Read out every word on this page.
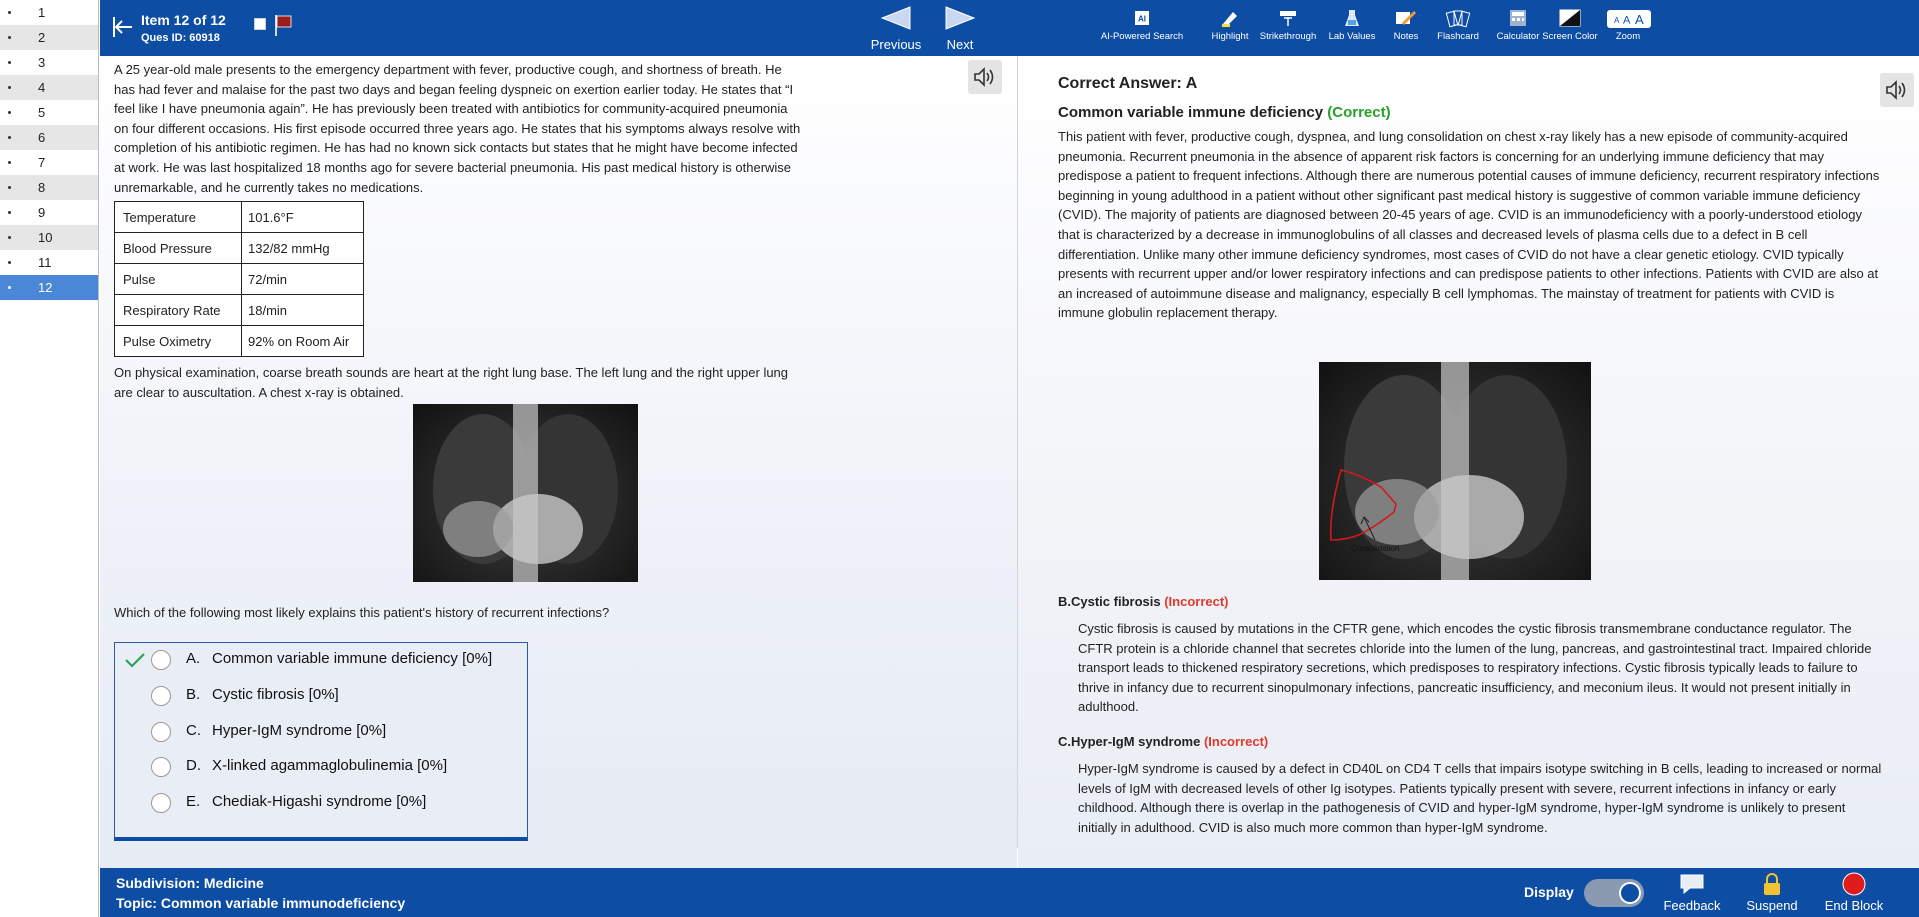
1
2
3
4
5
6
7
8
9
10
11
12
Item 12 of 12
Ques ID: 60918	Previous	Next
AI
AI-Powered Search	Highlight	Strikethrough	Lab Values	Notes	Flashcard	Calculator Screen Color
A A A
Zoom
A 25 year-old male presents to the emergency department with fever, productive cough, and shortness of breath. He has had fever and malaise for the past two days and began feeling dyspneic on exertion earlier today. He states that “I feel like I have pneumonia again”. He has previously been treated with antibiotics for community-acquired pneumonia on four different occasions. His first episode occurred three years ago. He states that his symptoms always resolve with completion of his antibiotic regimen. He has had no known sick contacts but states that he might have become infected at work. He was last hospitalized 18 months ago for severe bacterial pneumonia. His past medical history is otherwise unremarkable, and he currently takes no medications.
Temperature	101.6°F
Blood Pressure	132/82 mmHg
Pulse	72/min
Respiratory Rate	18/min
Pulse Oximetry	92% on Room Air
On physical examination, coarse breath sounds are heart at the right lung base. The left lung and the right upper lung are clear to auscultation. A chest x-ray is obtained.
Which of the following most likely explains this patient's history of recurrent infections?
A. Common variable immune deficiency [0%]
B. Cystic fibrosis [0%]
C. Hyper-IgM syndrome [0%]
D. X-linked agammaglobulinemia [0%]
E. Chediak-Higashi syndrome [0%]
Correct Answer: A
Common variable immune deficiency (Correct)
This patient with fever, productive cough, dyspnea, and lung consolidation on chest x-ray likely has a new episode of community-acquired pneumonia. Recurrent pneumonia in the absence of apparent risk factors is concerning for an underlying immune deficiency that may predispose a patient to frequent infections. Although there are numerous potential causes of immune deficiency, recurrent respiratory infections beginning in young adulthood in a patient without other significant past medical history is suggestive of common variable immune deficiency (CVID). The majority of patients are diagnosed between 20-45 years of age. CVID is an immunodeficiency with a poorly-understood etiology that is characterized by a decrease in immunoglobulins of all classes and decreased levels of plasma cells due to a defect in B cell differentiation. Unlike many other immune deficiency syndromes, most cases of CVID do not have a clear genetic etiology. CVID typically presents with recurrent upper and/or lower respiratory infections and can predispose patients to other infections. Patients with CVID are also at an increased of autoimmune disease and malignancy, especially B cell lymphomas. The mainstay of treatment for patients with CVID is immune globulin replacement therapy.
Consolidation
B.Cystic fibrosis (Incorrect)
Cystic fibrosis is caused by mutations in the CFTR gene, which encodes the cystic fibrosis transmembrane conductance regulator. The CFTR protein is a chloride channel that secretes chloride into the lumen of the lung, pancreas, and gastrointestinal tract. Impaired chloride transport leads to thickened respiratory secretions, which predisposes to respiratory infections. Cystic fibrosis typically leads to failure to thrive in infancy due to recurrent sinopulmonary infections, pancreatic insufficiency, and meconium ileus. It would not present initially in adulthood.
C.Hyper-IgM syndrome (Incorrect)
Hyper-IgM syndrome is caused by a defect in CD40L on CD4 T cells that impairs isotype switching in B cells, leading to increased or normal levels of IgM with decreased levels of other Ig isotypes. Patients typically present with severe, recurrent infections in infancy or early childhood. Although there is overlap in the pathogenesis of CVID and hyper-IgM syndrome, hyper-IgM syndrome is unlikely to present initially in adulthood. CVID is also much more common than hyper-IgM syndrome.
Subdivision: Medicine
Topic: Common variable immunodeficiency
Display
Feedback	Suspend	End Block
